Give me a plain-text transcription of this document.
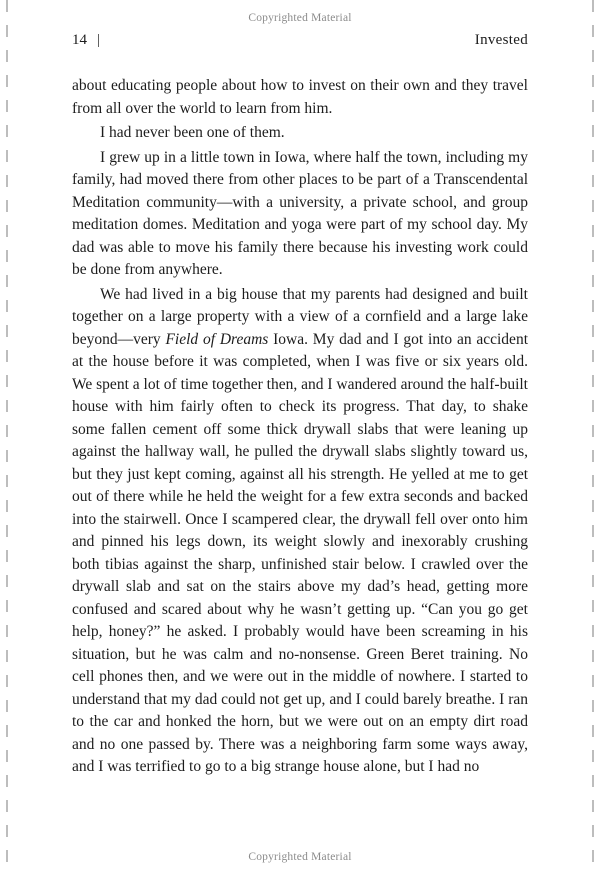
Copyrighted Material
14 |	Invested

about educating people about how to invest on their own and they travel from all over the world to learn from him.

I had never been one of them.

I grew up in a little town in Iowa, where half the town, including my family, had moved there from other places to be part of a Transcendental Meditation community—with a university, a private school, and group meditation domes. Meditation and yoga were part of my school day. My dad was able to move his family there because his investing work could be done from anywhere.

We had lived in a big house that my parents had designed and built together on a large property with a view of a cornfield and a large lake beyond—very Field of Dreams Iowa. My dad and I got into an accident at the house before it was completed, when I was five or six years old. We spent a lot of time together then, and I wandered around the half-built house with him fairly often to check its progress. That day, to shake some fallen cement off some thick drywall slabs that were leaning up against the hallway wall, he pulled the drywall slabs slightly toward us, but they just kept coming, against all his strength. He yelled at me to get out of there while he held the weight for a few extra seconds and backed into the stairwell. Once I scampered clear, the drywall fell over onto him and pinned his legs down, its weight slowly and inexorably crushing both tibias against the sharp, unfinished stair below. I crawled over the drywall slab and sat on the stairs above my dad’s head, getting more confused and scared about why he wasn’t getting up. “Can you go get help, honey?” he asked. I probably would have been screaming in his situation, but he was calm and no-nonsense. Green Beret training. No cell phones then, and we were out in the middle of nowhere. I started to understand that my dad could not get up, and I could barely breathe. I ran to the car and honked the horn, but we were out on an empty dirt road and no one passed by. There was a neighboring farm some ways away, and I was terrified to go to a big strange house alone, but I had no

Copyrighted Material
